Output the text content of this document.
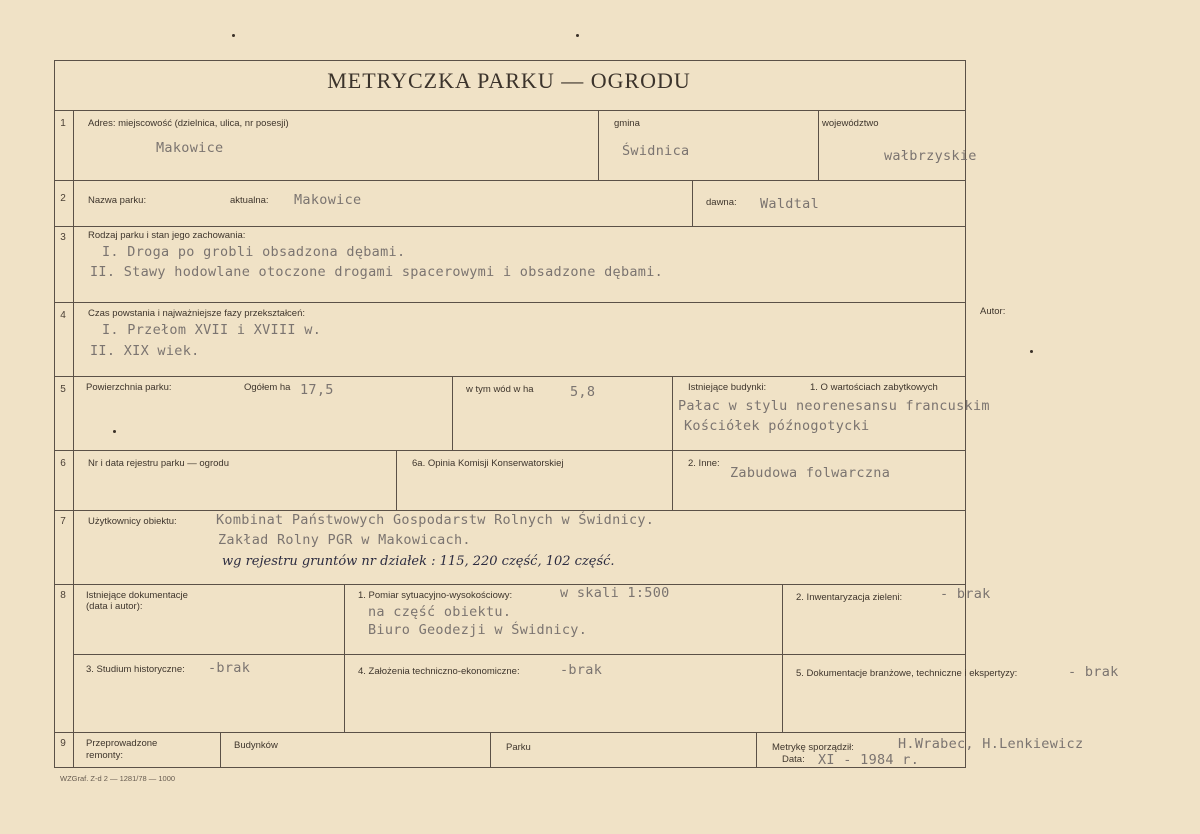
METRYCZKA PARKU — OGRODU
1	Adres: miejscowość (dzielnica, ulica, nr posesji)
Makowice
gmina
Świdnica
województwo
wałbrzyskie
2	Nazwa parku:	aktualna: Makowice	dawna: Waldtal
3	Rodzaj parku i stan jego zachowania:
I. Droga po grobli obsadzona dębami.
II. Stawy hodowlane otoczone drogami spacerowymi i obsadzone dębami.
4	Czas powstania i najważniejsze fazy przekształceń:
I. Przełom XVII i XVIII w.
II. XIX wiek.
Autor:
5	Powierzchnia parku:	Ogółem ha 17,5	w tym wód w ha	5,8	Istniejące budynki:	1. O wartościach zabytkowych
Pałac w stylu neorenesansu francuskim
Kościółek późnogotycki
6	Nr i data rejestru parku — ogrodu	6a. Opinia Komisji Konserwatorskiej	2. Inne:
Zabudowa folwarczna
7	Użytkownicy obiektu:	Kombinat Państwowych Gospodarstw Rolnych w Świdnicy.
Zakład Rolny PGR w Makowicach.
wg rejestru gruntów nr działek : 115, 220 część, 102 część.
8	Istniejące dokumentacje
(data i autor):
1. Pomiar sytuacyjno-wysokościowy:	w skali 1:500
na część obiektu.
Biuro Geodezji w Świdnicy.
2. Inwentaryzacja zieleni:	- brak
3. Studium historyczne: -brak	4. Założenia techniczno-ekonomiczne:	-brak	5. Dokumentacje branżowe, techniczne i ekspertyzy:	- brak
9	Przeprowadzone
remonty:
Budynków	Parku	Metrykę sporządził:	H.Wrabec, H.Lenkiewicz
Data: XI - 1984 r.
WZGraf. Z-d 2 — 1281/78 — 1000
